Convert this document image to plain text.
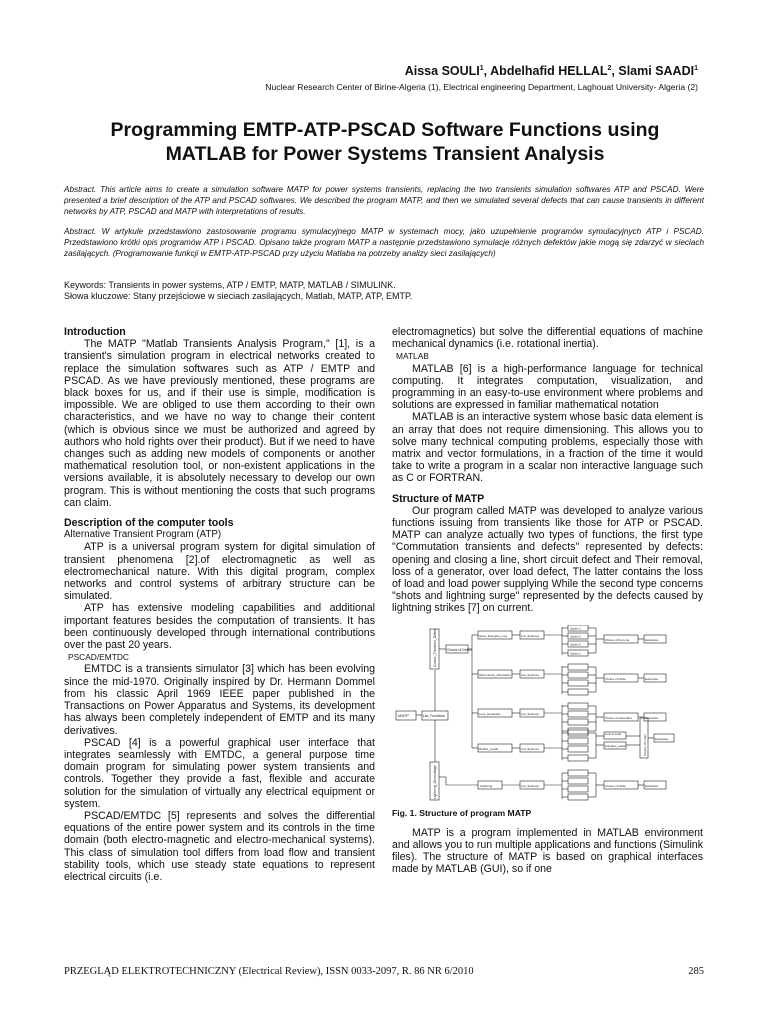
Aissa SOULI$^1$, Abdelhafid HELLAL$^2$, Slami SAADI$^1$
Nuclear Research Center of Birine-Algeria (1), Electrical engineering Department, Laghouat University- Algeria (2)
Programming EMTP-ATP-PSCAD Software Functions using
MATLAB for Power Systems Transient Analysis
Abstract. This article aims to create a simulation software MATP for power systems transients, replacing the two transients simulation softwares ATP and PSCAD. Were presented a brief description of the ATP and PSCAD softwares. We described the program MATP, and then we simulated several defects that can cause transients in different networks by ATP, PSCAD and MATP with interpretations of results.
Abstract. W artykule przedstawiono zastosowanie programu symulacyjnego MATP w systemach mocy, jako uzupełnienie programów symulacyjnych ATP i PSCAD. Przedstawiono krótki opis programów ATP i PSCAD. Opisano także program MATP a następnie przedstawiono symulacje różnych defektów jakie mogą się zdarzyć w sieciach zasilających. (Programowanie funkcji w EMTP-ATP-PSCAD przy użyciu Matlaba na potrzeby analizy sieci zasilających)
Keywords: Transients in power systems, ATP / EMTP, MATP, MATLAB / SIMULINK.
Słowa kluczowe: Stany przejściowe w sieciach zasilających, Matlab, MATP, ATP, EMTP.
Introduction

The MATP "Matlab Transients Analysis Program," [1], is a transient's simulation program in electrical networks created to replace the simulation softwares such as ATP / EMTP and PSCAD. As we have previously mentioned, these programs are black boxes for us, and if their use is simple, modification is impossible. We are obliged to use them according to their own characteristics, and we have no way to change their content (which is obvious since we must be authorized and agreed by authors who hold rights over their product). But if we need to have changes such as adding new models of components or another mathematical resolution tool, or non-existent applications in the versions available, it is absolutely necessary to develop our own program. This is without mentioning the costs that such programs can claim.

Description of the computer tools

Alternative Transient Program (ATP)

ATP is a universal program system for digital simulation of transient phenomena [2].of electromagnetic as well as electromechanical nature. With this digital program, complex networks and control systems of arbitrary structure can be simulated.

ATP has extensive modeling capabilities and additional important features besides the computation of transients. It has been continuously developed through international contributions over the past 20 years.

PSCAD/EMTDC

EMTDC is a transients simulator [3] which has been evolving since the mid-1970. Originally inspired by Dr. Hermann Dommel from his classic April 1969 IEEE paper published in the Transactions on Power Apparatus and Systems, its development has always been completely independent of EMTP and its many derivatives.

PSCAD [4] is a powerful graphical user interface that integrates seamlessly with EMTDC, a general purpose time domain program for simulating power system transients and controls. Together they provide a fast, flexible and accurate solution for the simulation of virtually any electrical equipment or system.

PSCAD/EMTDC [5] represents and solves the differential equations of the entire power system and its controls in the time domain (both electro-magnetic and electro-mechanical systems). This class of simulation tool differs from load flow and transient stability tools, which use steady state equations to represent electrical circuits (i.e.

electromagnetics) but solve the differential equations of machine mechanical dynamics (i.e. rotational inertia).

MATLAB

MATLAB [6] is a high-performance language for technical computing. It integrates computation, visualization, and programming in an easy-to-use environment where problems and solutions are expressed in familiar mathematical notation

MATLAB is an interactive system whose basic data element is an array that does not require dimensioning. This allows you to solve many technical computing problems, especially those with matrix and vector formulations, in a fraction of the time it would take to write a program in a scalar non interactive language such as C or FORTRAN.

Structure of MATP

Our program called MATP was developed to analyze various functions issuing from transients like those for ATP or PSCAD. MATP can analyze actually two types of functions, the first type "Commutation transients and defects" represented by defects: opening and closing a line, short circuit defect and Their removal, loss of a generator, over load defect, The latter contains the loss of load and load power supplying While the second type concerns "shots and lightning surge" represented by the defects caused by lightning strikes [7] on current.

MATP	List_Functions
Comm._Transient_Defect
Lightning_Overvoltage
Choice of Defect
Open_Energize_Line
Short circuit_elimination
Loss_Generator
Realist_Loads
List_Systems
List_Systems
List_Systems
List_Systems
Choice of the Line
Choice of Node
Choice of Generator
Examples
Examples
Examples
Examples
Choice of Loads
Loss of Load
Energize_Loads
Lightning	List_Systems	Choice of Node	Examples
System 1
System 2
System 3
System n
Fig. 1. Structure of program MATP

MATP is a program implemented in MATLAB environment and allows you to run multiple applications and functions (Simulink files). The structure of MATP is based on graphical interfaces made by MATLAB (GUI), so if one

PRZEGLĄD ELEKTROTECHNICZNY (Electrical Review), ISSN 0033-2097, R. 86 NR 6/2010	285
